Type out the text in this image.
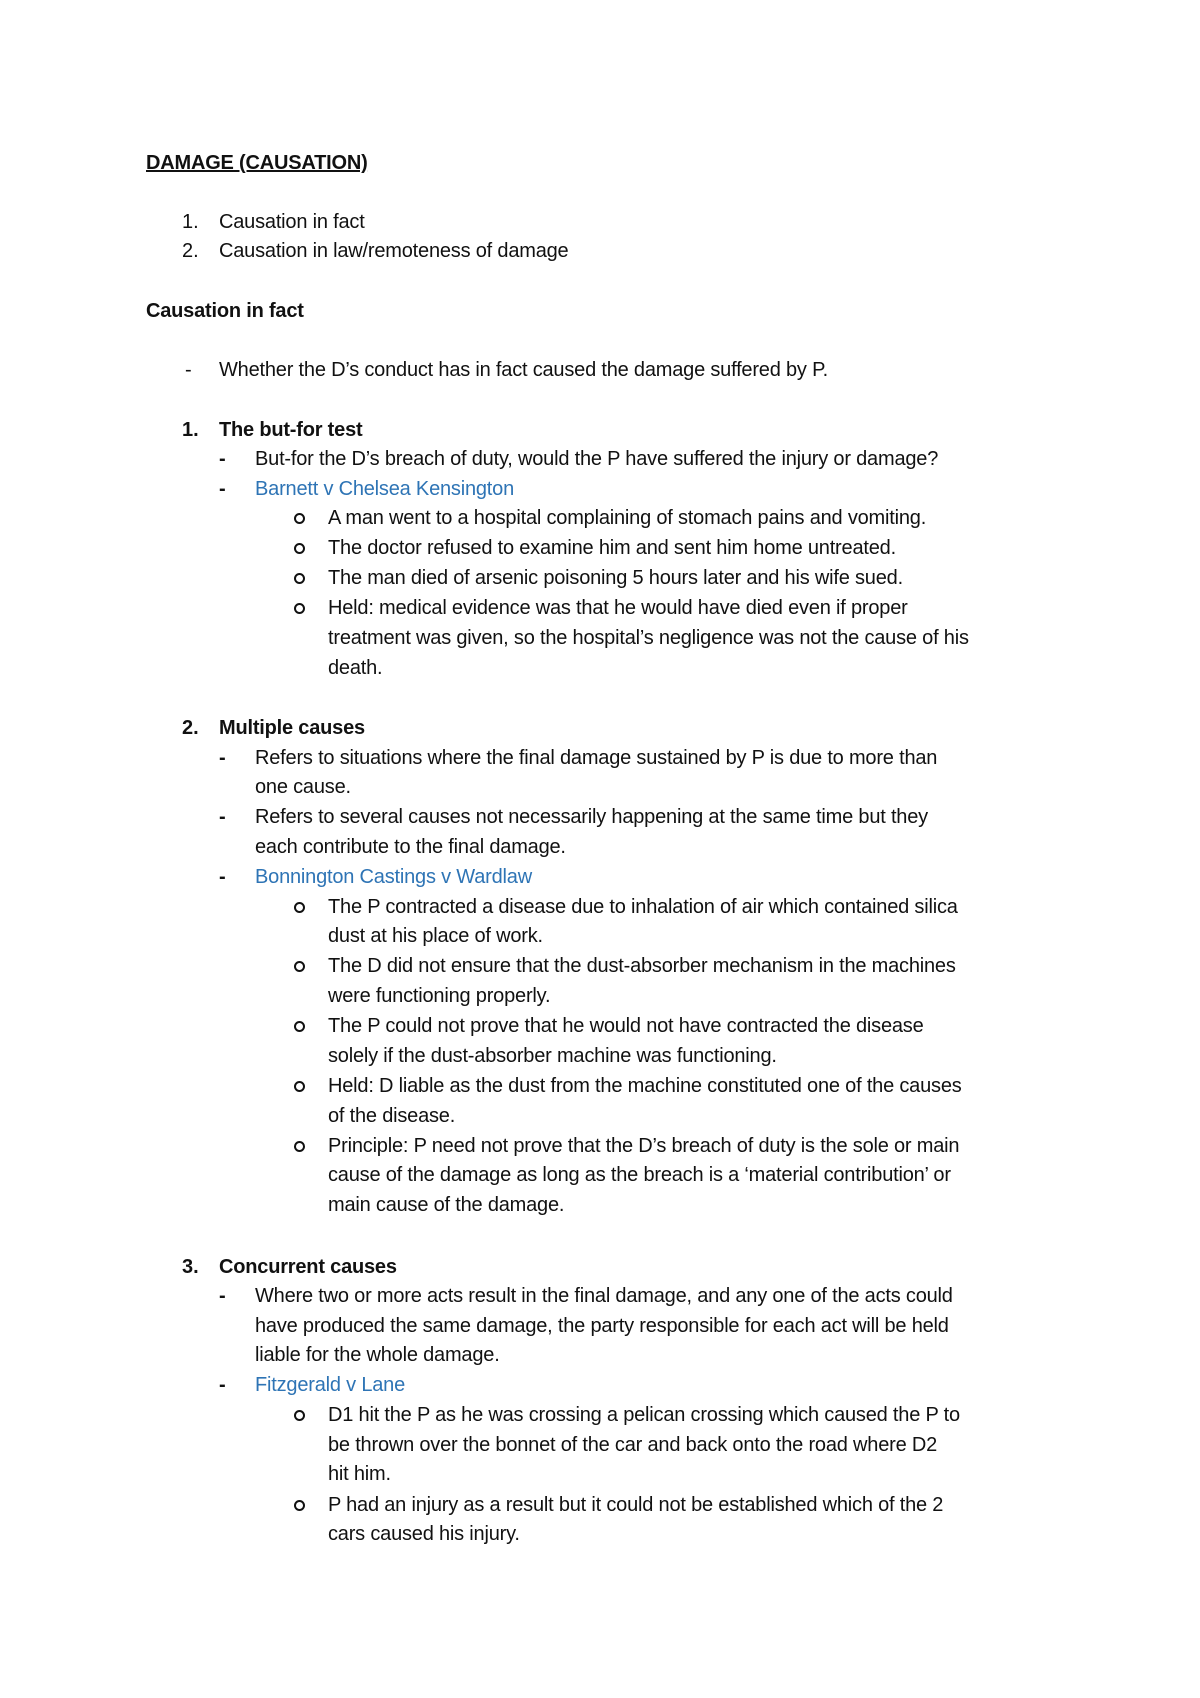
DAMAGE (CAUSATION)
1. Causation in fact
2. Causation in law/remoteness of damage
Causation in fact
- Whether the D’s conduct has in fact caused the damage suffered by P.
1. The but-for test
- But-for the D’s breach of duty, would the P have suffered the injury or damage?
- Barnett v Chelsea Kensington
A man went to a hospital complaining of stomach pains and vomiting.
The doctor refused to examine him and sent him home untreated.
The man died of arsenic poisoning 5 hours later and his wife sued.
Held: medical evidence was that he would have died even if proper
treatment was given, so the hospital’s negligence was not the cause of his
death.
2. Multiple causes
- Refers to situations where the final damage sustained by P is due to more than
one cause.
- Refers to several causes not necessarily happening at the same time but they
each contribute to the final damage.
- Bonnington Castings v Wardlaw
The P contracted a disease due to inhalation of air which contained silica
dust at his place of work.
The D did not ensure that the dust-absorber mechanism in the machines
were functioning properly.
The P could not prove that he would not have contracted the disease
solely if the dust-absorber machine was functioning.
Held: D liable as the dust from the machine constituted one of the causes
of the disease.
Principle: P need not prove that the D’s breach of duty is the sole or main
cause of the damage as long as the breach is a ‘material contribution’ or
main cause of the damage.
3. Concurrent causes
- Where two or more acts result in the final damage, and any one of the acts could
have produced the same damage, the party responsible for each act will be held
liable for the whole damage.
- Fitzgerald v Lane
D1 hit the P as he was crossing a pelican crossing which caused the P to
be thrown over the bonnet of the car and back onto the road where D2
hit him.
P had an injury as a result but it could not be established which of the 2
cars caused his injury.
